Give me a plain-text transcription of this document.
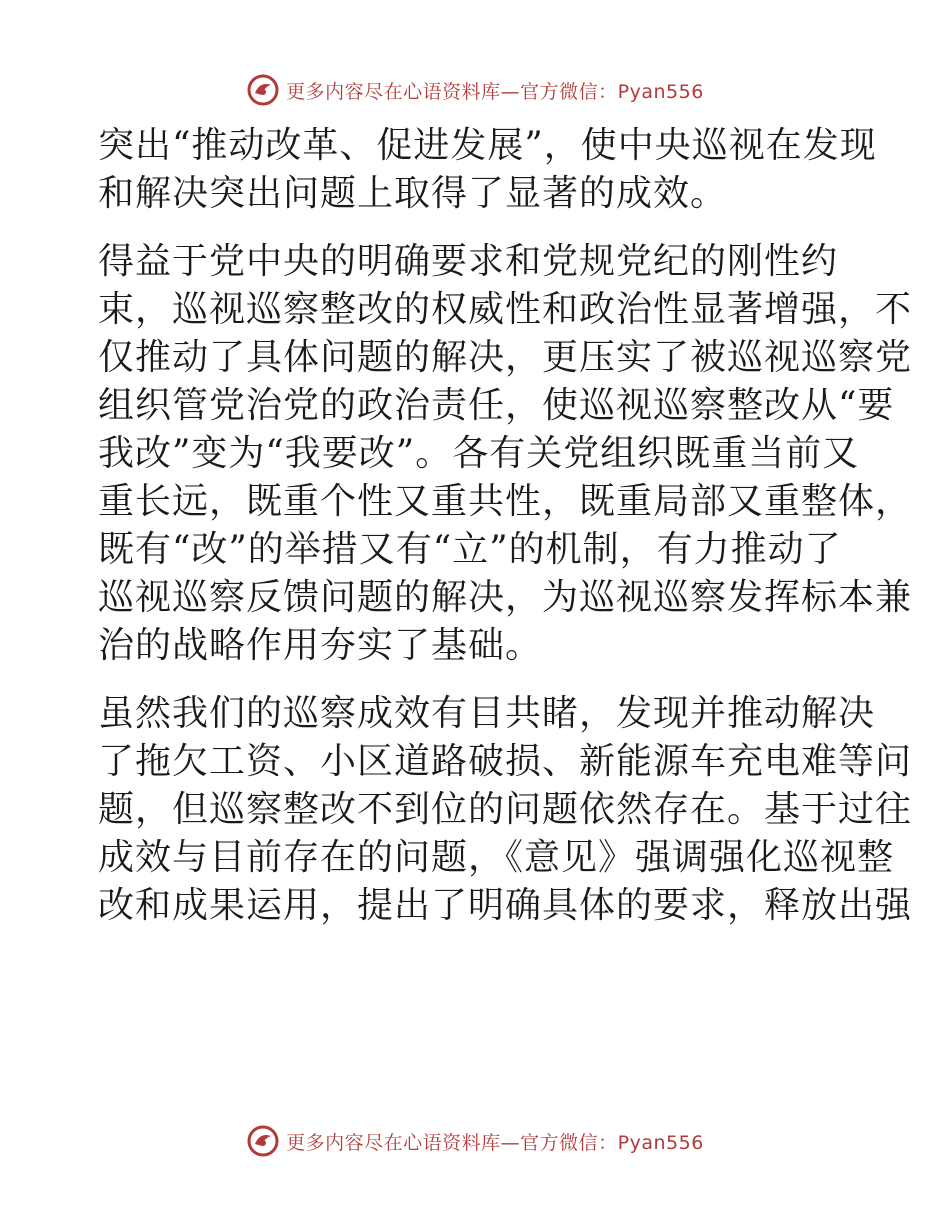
更多内容尽在心语资料库—官方微信：Pyan556

突出“推动改革、促进发展”，使中央巡视在发现
和解决突出问题上取得了显著的成效。

得益于党中央的明确要求和党规党纪的刚性约
束，巡视巡察整改的权威性和政治性显著增强，不
仅推动了具体问题的解决，更压实了被巡视巡察党
组织管党治党的政治责任，使巡视巡察整改从“要
我改”变为“我要改”。各有关党组织既重当前又
重长远，既重个性又重共性，既重局部又重整体，
既有“改”的举措又有“立”的机制，有力推动了
巡视巡察反馈问题的解决，为巡视巡察发挥标本兼
治的战略作用夯实了基础。

虽然我们的巡察成效有目共睹，发现并推动解决
了拖欠工资、小区道路破损、新能源车充电难等问
题，但巡察整改不到位的问题依然存在。基于过往
成效与目前存在的问题，《意见》强调强化巡视整
改和成果运用，提出了明确具体的要求，释放出强

更多内容尽在心语资料库—官方微信：Pyan556
